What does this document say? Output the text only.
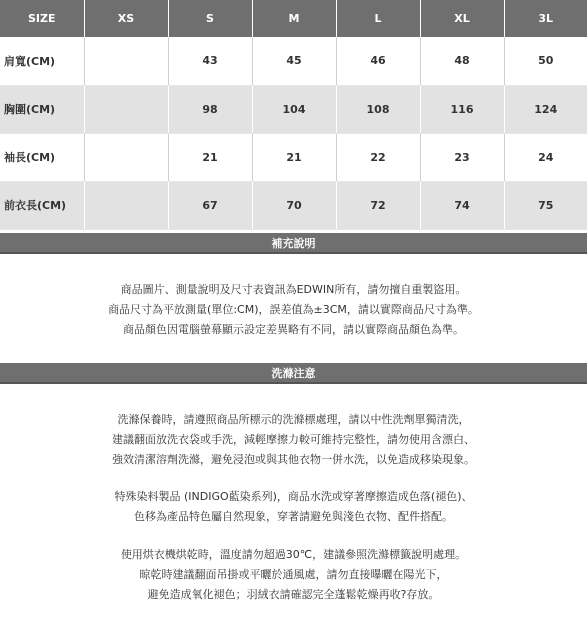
SIZE	XS	S	M	L	XL	3L
肩寬(CM)		43	45	46	48	50
胸圍(CM)		98	104	108	116	124
袖長(CM)		21	21	22	23	24
前衣長(CM)		67	70	72	74	75
補充說明
商品圖片、測量說明及尺寸表資訊為EDWIN所有，請勿擅自重製盜用。
商品尺寸為平放測量(單位:CM)，誤差值為±3CM，請以實際商品尺寸為準。
商品顏色因電腦螢幕顯示設定差異略有不同，請以實際商品顏色為準。
洗滌注意
洗滌保養時，請遵照商品所標示的洗滌標處理，請以中性洗劑單獨清洗，
建議翻面放洗衣袋或手洗，減輕摩擦力較可維持完整性，請勿使用含漂白、
強效清潔溶劑洗滌，避免浸泡或與其他衣物一併水洗，以免造成移染現象。
特殊染料製品 (INDIGO藍染系列)，商品水洗或穿著摩擦造成色落(褪色)、
色移為產品特色屬自然現象，穿著請避免與淺色衣物、配件搭配。
使用烘衣機烘乾時，溫度請勿超過30℃，建議參照洗滌標籤說明處理。
晾乾時建議翻面吊掛或平曬於通風處，請勿直接曝曬在陽光下，
避免造成氧化褪色；羽絨衣請確認完全蓬鬆乾燥再收?存放。
